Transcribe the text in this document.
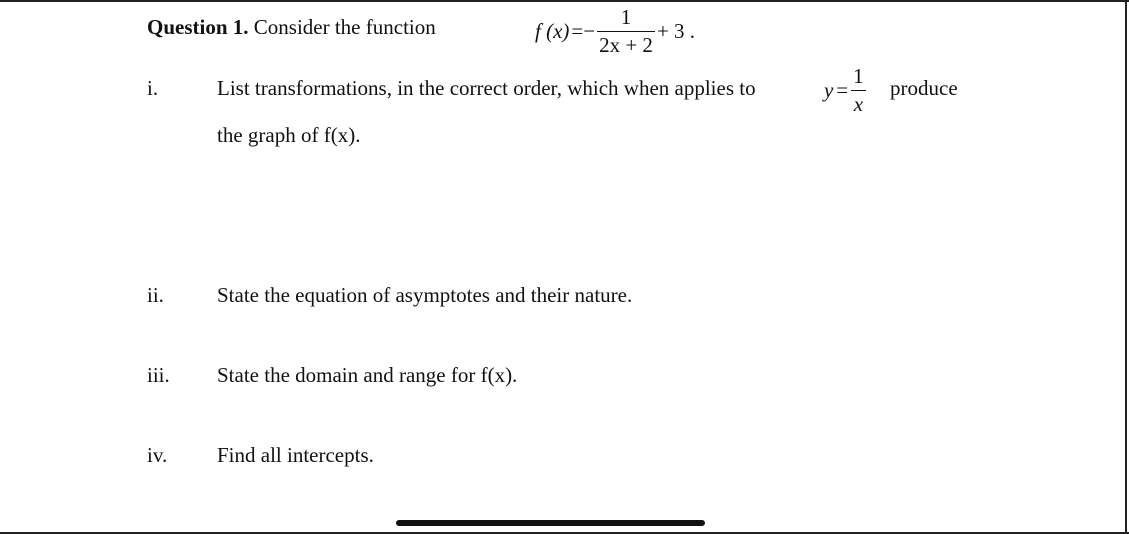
Question 1. Consider the function	f (x) = − $\frac{1}{2x + 2} + 3$ .
i.	List transformations, in the correct order, which when applies to	$y = \frac{1}{x}$ produce
the graph of f(x).
ii.	State the equation of asymptotes and their nature.
iii. State the domain and range for f(x).
iv. Find all intercepts.
